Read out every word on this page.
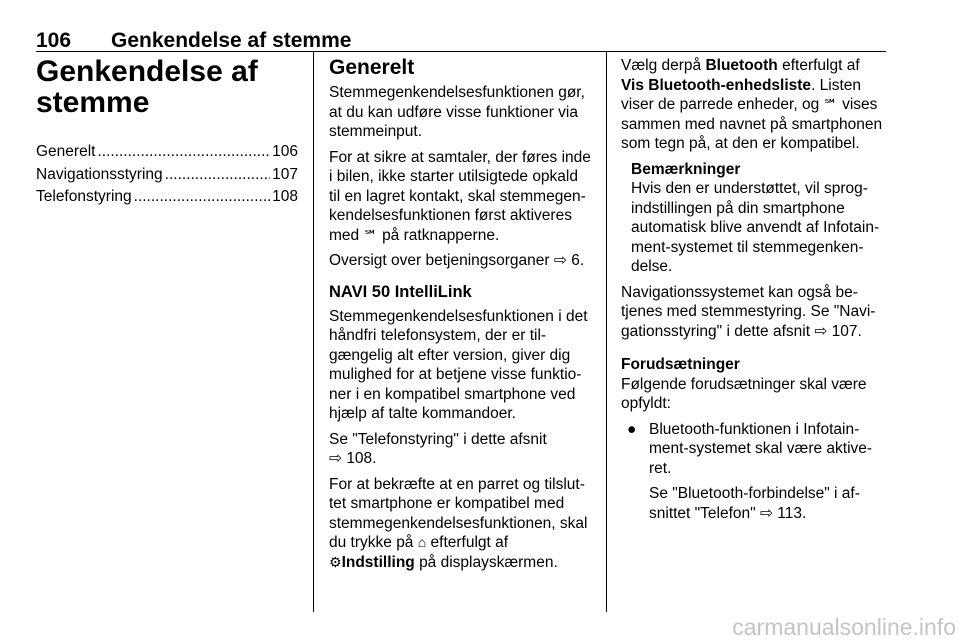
106 Genkendelse af stemme
Genkendelse af stemme
Generelt .....	106
Navigationsstyring .....	107
Telefonstyring .....	108
Generelt

Stemmegenkendelsesfunktionen gør, at du kan udføre visse funktioner via stemmeinput.

For at sikre at samtaler, der føres inde i bilen, ikke starter utilsigtede opkald til en lagret kontakt, skal stemmegen-kendelsesfunktionen først aktiveres med ℠ på ratknapperne.

Oversigt over betjeningsorganer ⇨ 6.

NAVI 50 IntelliLink

Stemmegenkendelsesfunktionen i det håndfri telefonsystem, der er til-gængelig alt efter version, giver dig mulighed for at betjene visse funktio-ner i en kompatibel smartphone ved hjælp af talte kommandoer.

Se "Telefonstyring" i dette afsnit
⇨ 108.

For at bekræfte at en parret og tilslut-tet smartphone er kompatibel med stemmegenkendelsesfunktionen, skal du trykke på ⌂ efterfulgt af
⚙Indstilling på displayskærmen.

Vælg derpå Bluetooth efterfulgt af Vis Bluetooth-enhedsliste. Listen viser de parrede enheder, og ℠ vises sammen med navnet på smartphonen som tegn på, at den er kompatibel.

Bemærkninger
Hvis den er understøttet, vil sprog-indstillingen på din smartphone automatisk blive anvendt af Infotain-ment-systemet til stemmegenken-delse.

Navigationssystemet kan også be-tjenes med stemmestyring. Se "Navi-gationsstyring" i dette afsnit ⇨ 107.

Forudsætninger

Følgende forudsætninger skal være opfyldt:

● Bluetooth-funktionen i Infotain-ment-systemet skal være aktive-ret.

Se "Bluetooth-forbindelse" i af-snittet "Telefon" ⇨ 113.

carmanualsonline.info
